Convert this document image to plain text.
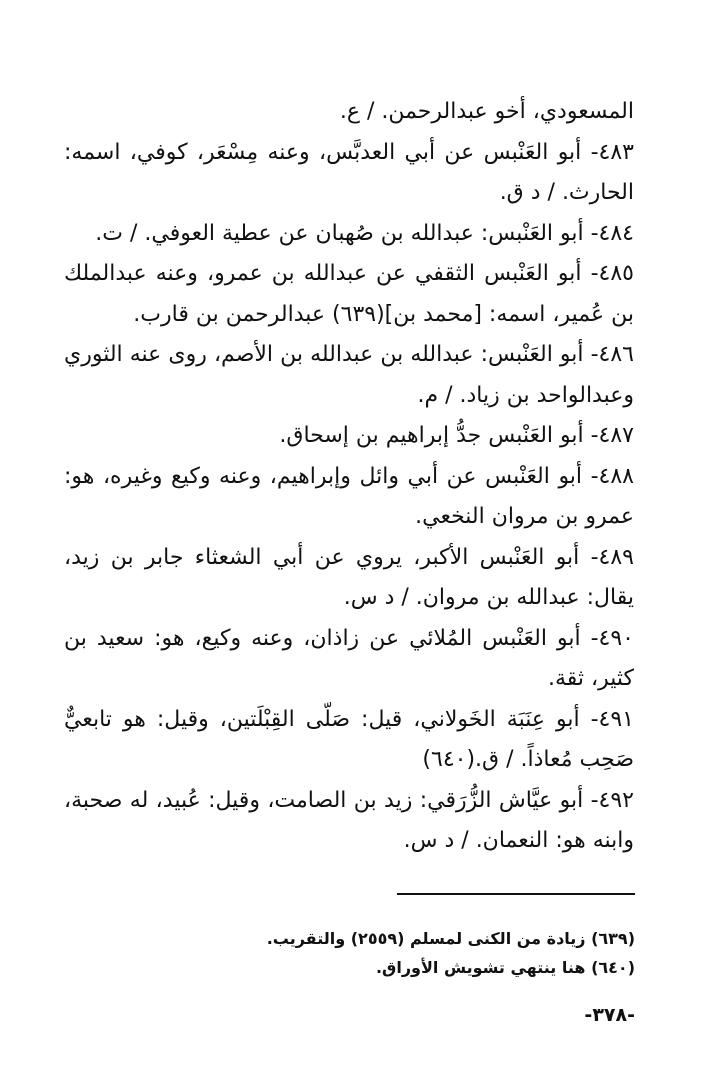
المسعودي، أخو عبدالرحمن. / ع.

٤٨٣- أبو العَنْبس عن أبي العدبَّس، وعنه مِسْعَر، كوفي، اسمه: الحارث. / د ق.

٤٨٤- أبو العَنْبس: عبدالله بن صُهبان عن عطية العوفي. / ت.

٤٨٥- أبو العَنْبس الثقفي عن عبدالله بن عمرو، وعنه عبدالملك بن عُمير، اسمه: [محمد بن](٦٣٩) عبدالرحمن بن قارب.

٤٨٦- أبو العَنْبس: عبدالله بن عبدالله بن الأصم، روى عنه الثوري وعبدالواحد بن زياد. / م.

٤٨٧- أبو العَنْبس جدُّ إبراهيم بن إسحاق.

٤٨٨- أبو العَنْبس عن أبي وائل وإبراهيم، وعنه وكيع وغيره، هو: عمرو بن مروان النخعي.

٤٨٩- أبو العَنْبس الأكبر، يروي عن أبي الشعثاء جابر بن زيد، يقال: عبدالله بن مروان. / د س.

٤٩٠- أبو العَنْبس المُلائي عن زاذان، وعنه وكيع، هو: سعيد بن كثير، ثقة.

٤٩١- أبو عِنَبَة الخَولاني، قيل: صَلّى القِبْلَتين، وقيل: هو تابعيٌّ صَحِب مُعاذاً. / ق.(٦٤٠)

٤٩٢- أبو عيَّاش الزُّرَقي: زيد بن الصامت، وقيل: عُبيد، له صحبة، وابنه هو: النعمان. / د س.

(٦٣٩) زيادة من الكنى لمسلم (٢٥٥٩) والتقريب.

(٦٤٠) هنا ينتهي تشويش الأوراق.

-٣٧٨-
